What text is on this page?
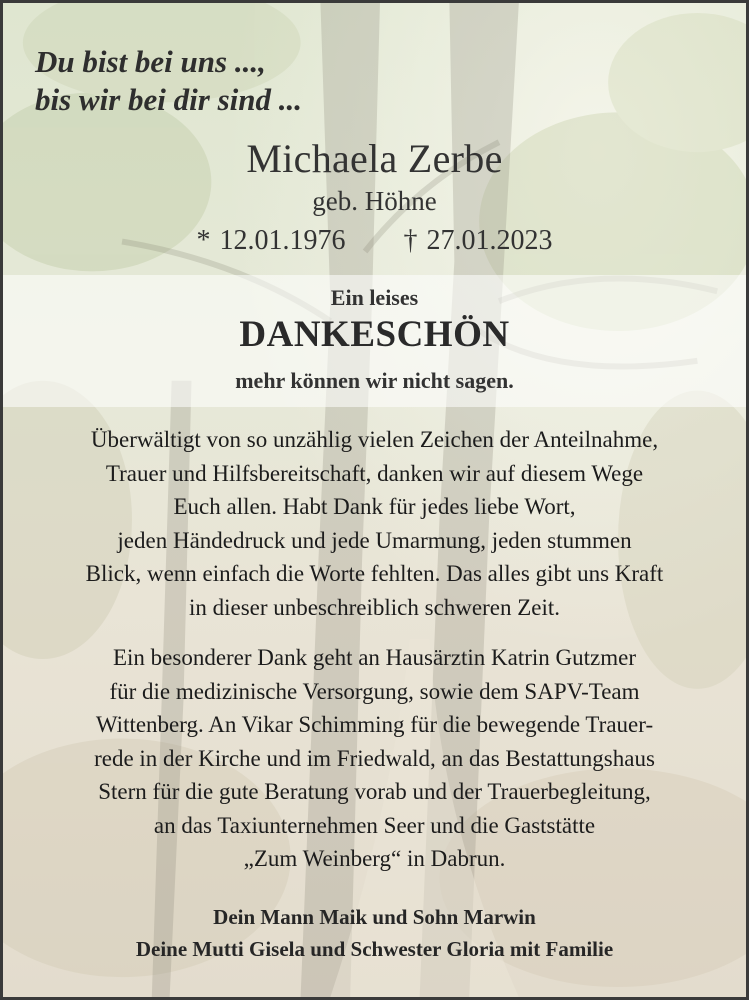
Du bist bei uns ...,
bis wir bei dir sind ...
Michaela Zerbe
geb. Höhne
* 12.01.1976 † 27.01.2023
Ein leises
DANKESCHÖN
mehr können wir nicht sagen.
Überwältigt von so unzählig vielen Zeichen der Anteilnahme,
Trauer und Hilfsbereitschaft, danken wir auf diesem Wege
Euch allen. Habt Dank für jedes liebe Wort,
jeden Händedruck und jede Umarmung, jeden stummen
Blick, wenn einfach die Worte fehlten. Das alles gibt uns Kraft
in dieser unbeschreiblich schweren Zeit.
Ein besonderer Dank geht an Hausärztin Katrin Gutzmer
für die medizinische Versorgung, sowie dem SAPV-Team
Wittenberg. An Vikar Schimming für die bewegende Trauer-
rede in der Kirche und im Friedwald, an das Bestattungshaus
Stern für die gute Beratung vorab und der Trauerbegleitung,
an das Taxiunternehmen Seer und die Gaststätte
„Zum Weinberg“ in Dabrun.
Dein Mann Maik und Sohn Marwin
Deine Mutti Gisela und Schwester Gloria mit Familie
